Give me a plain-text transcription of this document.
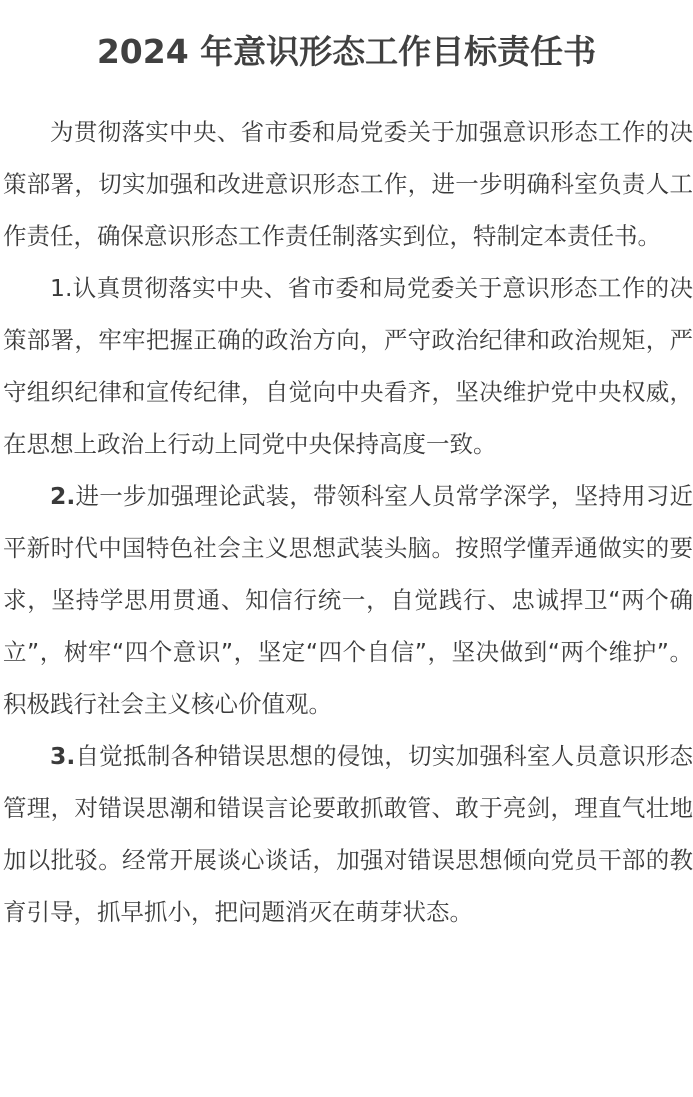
2024 年意识形态工作目标责任书

为贯彻落实中央、省市委和局党委关于加强意识形态工作的决策部署，切实加强和改进意识形态工作，进一步明确科室负责人工作责任，确保意识形态工作责任制落实到位，特制定本责任书。

1.认真贯彻落实中央、省市委和局党委关于意识形态工作的决策部署，牢牢把握正确的政治方向，严守政治纪律和政治规矩，严守组织纪律和宣传纪律，自觉向中央看齐，坚决维护党中央权威，在思想上政治上行动上同党中央保持高度一致。

2.进一步加强理论武装，带领科室人员常学深学，坚持用习近平新时代中国特色社会主义思想武装头脑。按照学懂弄通做实的要求，坚持学思用贯通、知信行统一，自觉践行、忠诚捍卫“两个确立”，树牢“四个意识”，坚定“四个自信”，坚决做到“两个维护”。积极践行社会主义核心价值观。

3.自觉抵制各种错误思想的侵蚀，切实加强科室人员意识形态管理，对错误思潮和错误言论要敢抓敢管、敢于亮剑，理直气壮地加以批驳。经常开展谈心谈话，加强对错误思想倾向党员干部的教育引导，抓早抓小，把问题消灭在萌芽状态。
